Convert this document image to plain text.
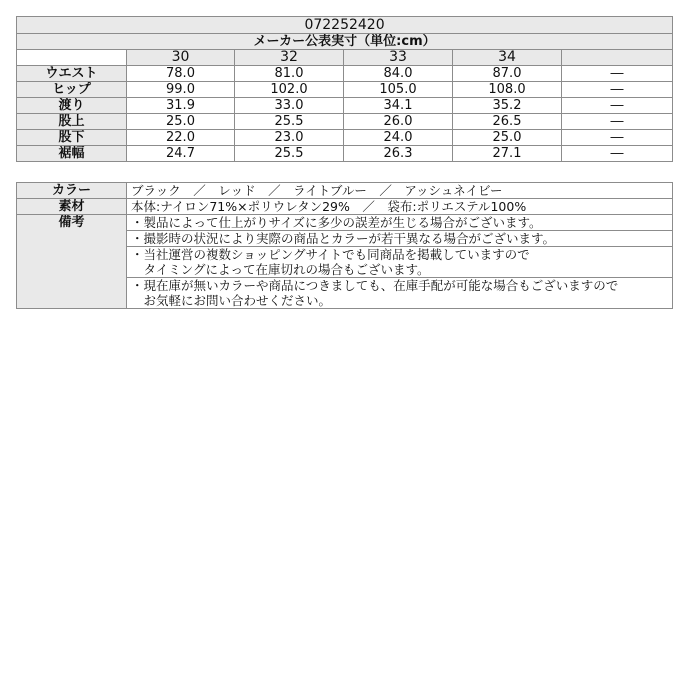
072252420					
メーカー公表実寸（単位:cm）					
	30	32	33	34	
ウエスト	78.0	81.0	84.0	87.0	―
ヒップ	99.0	102.0	105.0	108.0	―
渡り	31.9	33.0	34.1	35.2	―
股上	25.0	25.5	26.0	26.5	―
股下	22.0	23.0	24.0	25.0	―
裾幅	24.7	25.5	26.3	27.1	―
カラー	ブラック　／　レッド　／　ライトブルー　／　アッシュネイビー
素材	本体:ナイロン71%×ポリウレタン29%　／　袋布:ポリエステル100%
備考	・製品によって仕上がりサイズに多少の誤差が生じる場合がございます。

	・撮影時の状況により実際の商品とカラーが若干異なる場合がございます。

	・当社運営の複数ショッピングサイトでも同商品を掲載していますので
　タイミングによって在庫切れの場合もございます。

	・現在庫が無いカラーや商品につきましても、在庫手配が可能な場合もございますので
　お気軽にお問い合わせください。
